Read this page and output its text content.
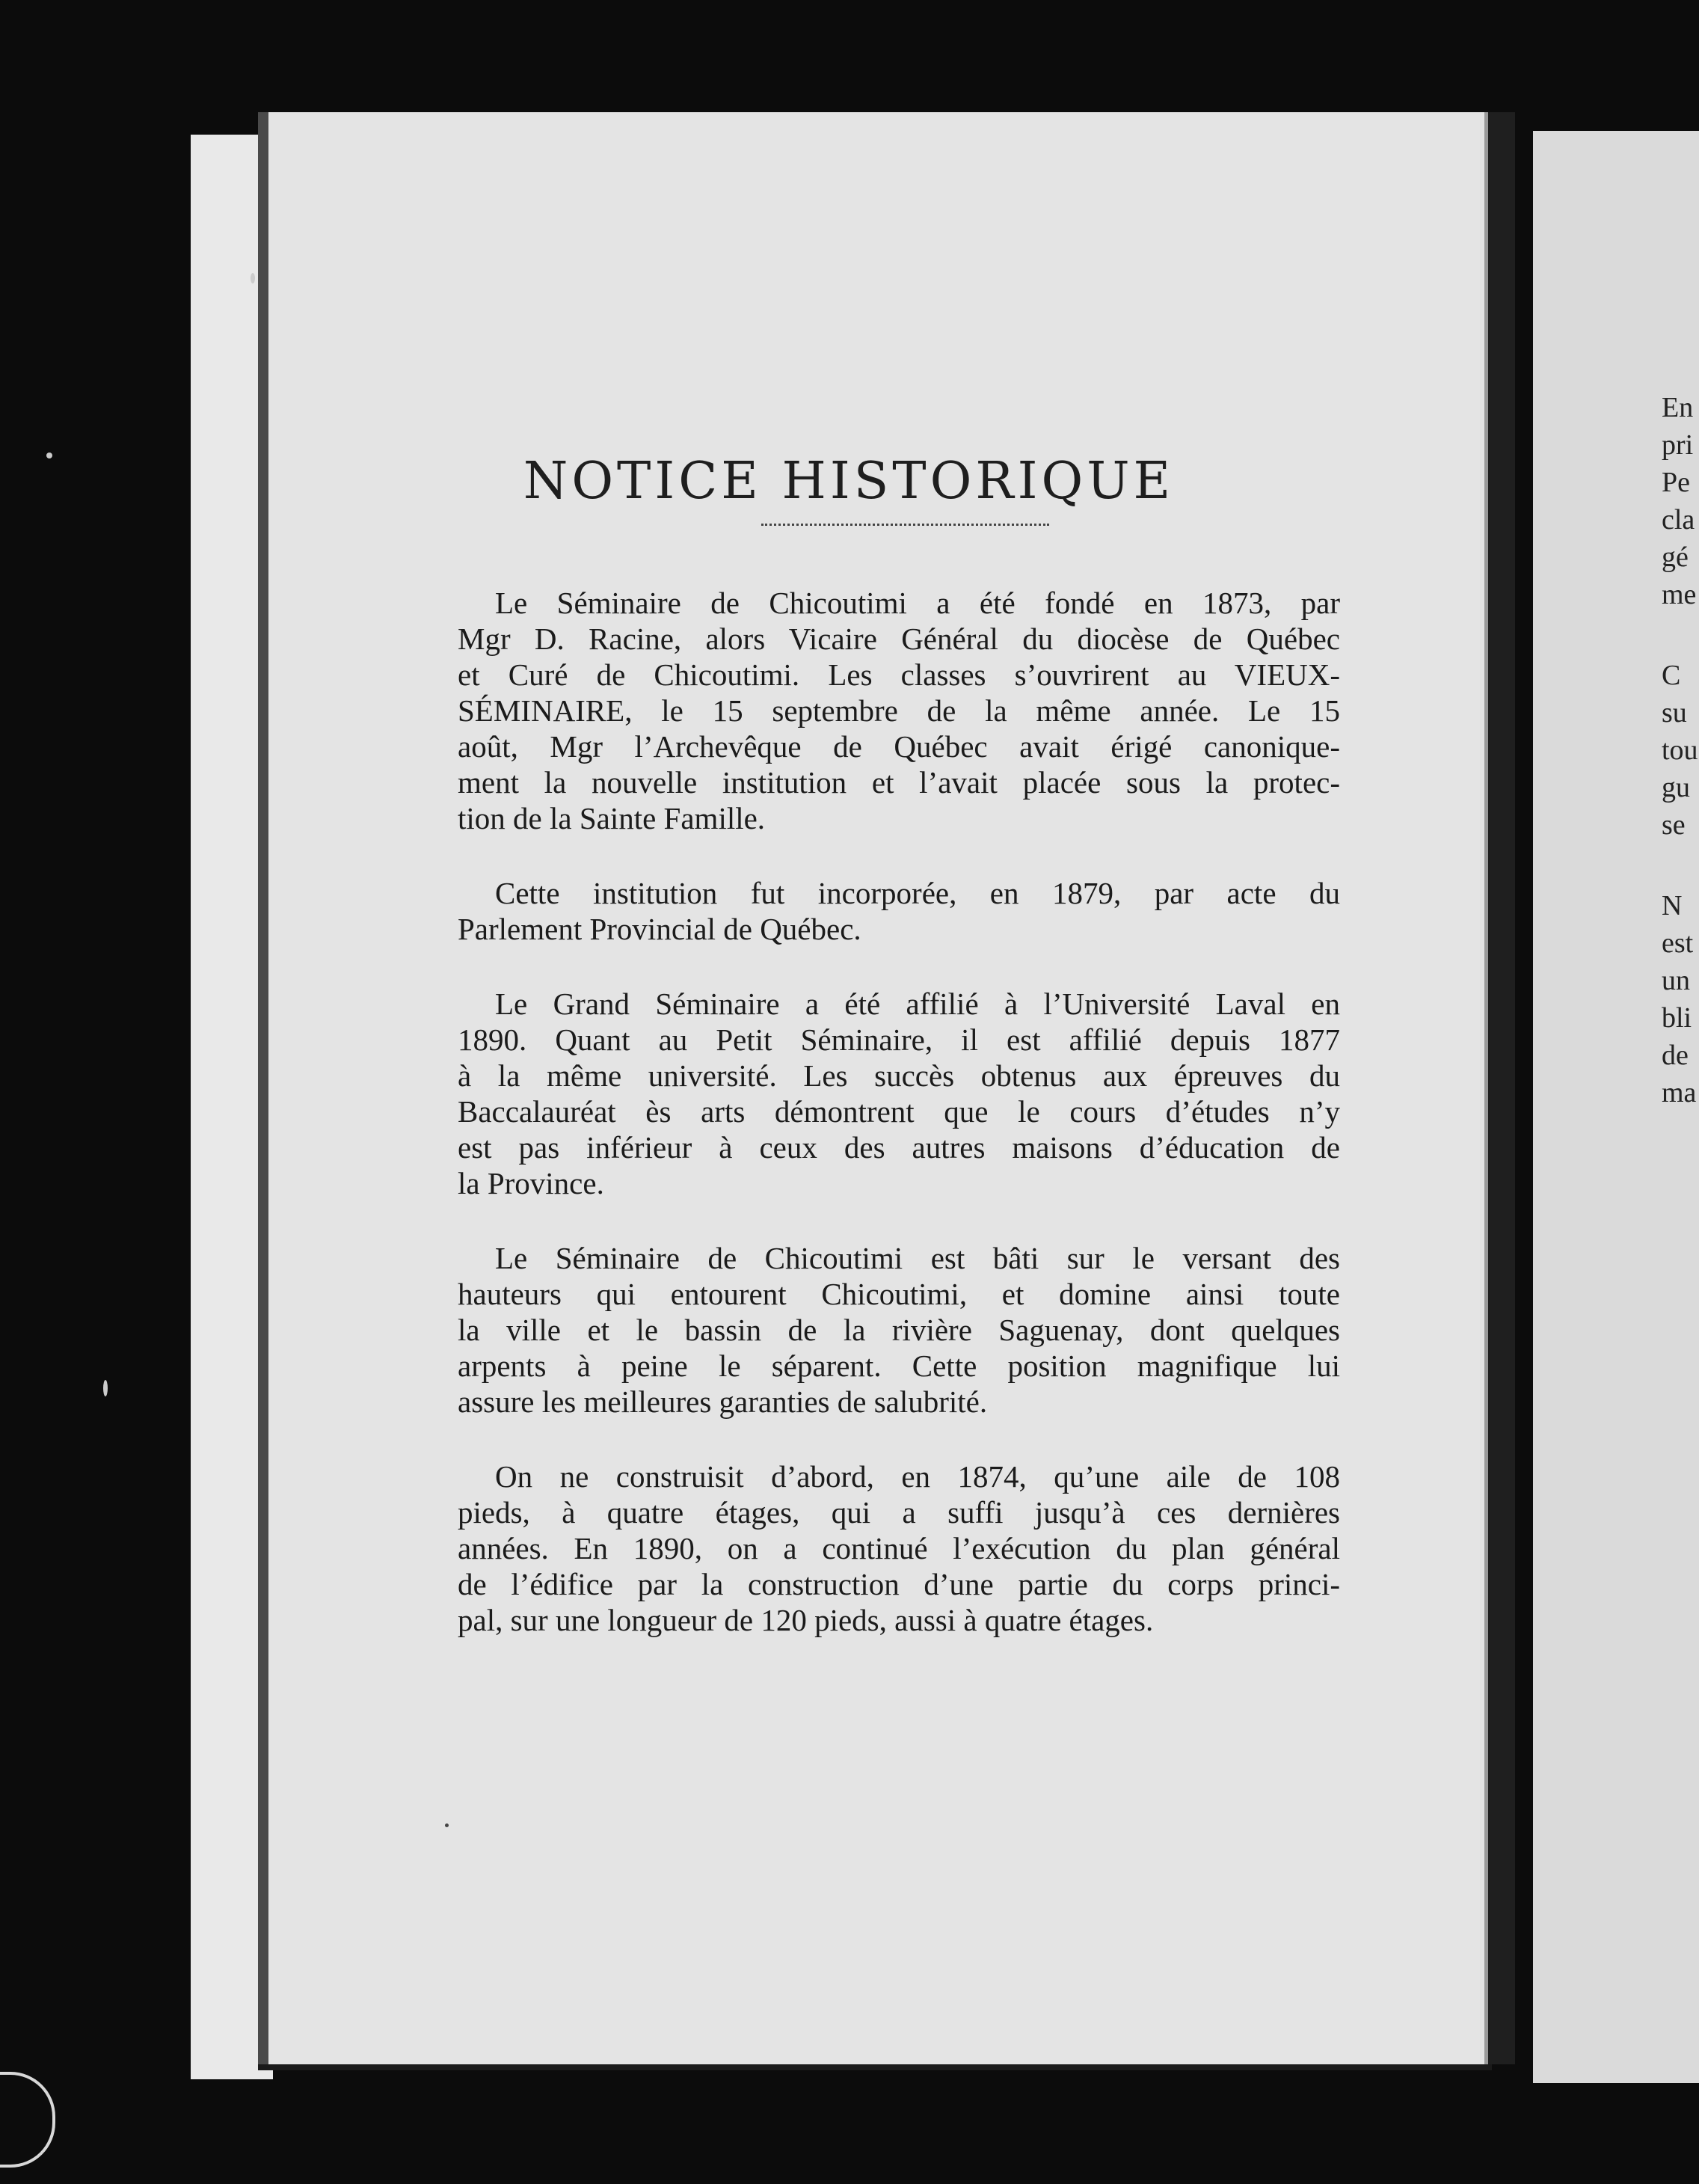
En
pri
Pe
cla
gé
me
C
su
tou
gu
se
N
est
un
bli
de
ma
NOTICE HISTORIQUE
Le Séminaire de Chicoutimi a été fondé en 1873, par
Mgr D. Racine, alors Vicaire Général du diocèse de Québec
et Curé de Chicoutimi. Les classes s’ouvrirent au VIEUX-
SÉMINAIRE, le 15 septembre de la même année. Le 15
août, Mgr l’Archevêque de Québec avait érigé canonique-
ment la nouvelle institution et l’avait placée sous la protec-
tion de la Sainte Famille.
Cette institution fut incorporée, en 1879, par acte du
Parlement Provincial de Québec.
Le Grand Séminaire a été affilié à l’Université Laval en
1890. Quant au Petit Séminaire, il est affilié depuis 1877
à la même université. Les succès obtenus aux épreuves du
Baccalauréat ès arts démontrent que le cours d’études n’y
est pas inférieur à ceux des autres maisons d’éducation de
la Province.
Le Séminaire de Chicoutimi est bâti sur le versant des
hauteurs qui entourent Chicoutimi, et domine ainsi toute
la ville et le bassin de la rivière Saguenay, dont quelques
arpents à peine le séparent. Cette position magnifique lui
assure les meilleures garanties de salubrité.
On ne construisit d’abord, en 1874, qu’une aile de 108
pieds, à quatre étages, qui a suffi jusqu’à ces dernières
années. En 1890, on a continué l’exécution du plan général
de l’édifice par la construction d’une partie du corps princi-
pal, sur une longueur de 120 pieds, aussi à quatre étages.
